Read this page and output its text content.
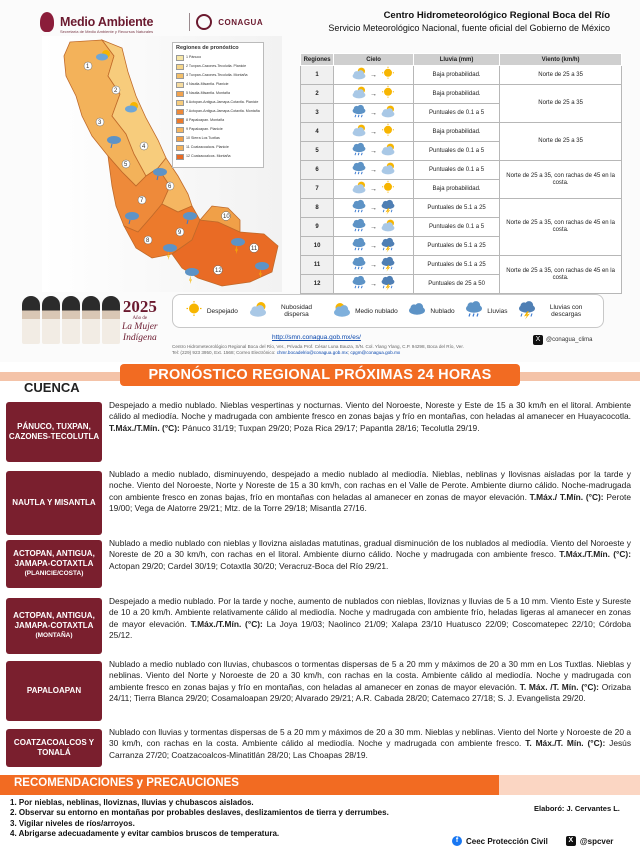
Medio Ambiente
Secretaría de Medio Ambiente y Recursos Naturales
CONAGUA
Centro Hidrometeorológico Regional Boca del Río
Servicio Meteorológico Nacional, fuente oficial del Gobierno de México
1
2
3
4
5
6
7
8
9
10
11
12
Regiones de pronóstico
1 Pánuco
2 Tuxpan-Cazones-Tecolutla. Planicie
3 Tuxpan-Cazones-Tecolutla. Montaña
4 Nautla-Misantla. Planicie
5 Nautla-Misantla. Montaña
6 Actopan-Antigua-Jamapa-Cotaxtla. Planicie
7 Actopan-Antigua-Jamapa-Cotaxtla. Montaña
8 Papaloapan. Montaña
9 Papaloapan. Planicie
10 Sierra Los Tuxtlas
11 Coatzacoalcos. Planicie
12 Coatzacoalcos. Montaña
Regiones	Cielo	Lluvia (mm)	Viento (km/h)
1	→	Baja probabilidad.	Norte de 25 a 35
2	→	Baja probabilidad.	Norte de 25 a 35
3	→	Puntuales de 0.1 a 5	
4	→	Baja probabilidad.	Norte de 25 a 35
5	→	Puntuales de 0.1 a 5	
6	→	Puntuales de 0.1 a 5	Norte de 25 a 35, con rachas de 45 en la costa.
7	→	Baja probabilidad.	
8	→	Puntuales de 5.1 a 25	Norte de 25 a 35, con rachas de 45 en la costa.
9	→	Puntuales de 0.1 a 5	
10	→	Puntuales de 5.1 a 25	
11	→	Puntuales de 5.1 a 25	Norte de 25 a 35, con rachas de 45 en la costa.
12	→	Puntuales de 25 a 50	
2025
Año de
La Mujer
Indígena
Despejado	Nubosidad dispersa	Medio nublado	Nublado	Lluvias	Lluvias con descargas
http://smn.conagua.gob.mx/es/	X @conagua_clima
Centro Hidrometeorológico Regional Boca del Río, Ver., Privada Prof. César Luna Bauza, S/N. Col. Ylang Ylang, C.P. 94298, Boca del Río, Ver.
Tel: (229) 923 3950, Ext. 1568; Correo Electrónico: chmr.bocadelrio@conagua.gob.mx; cpgm@conagua.gob.mx
PRONÓSTICO REGIONAL PRÓXIMAS 24 HORAS
CUENCA
PÁNUCO, TUXPAN, CAZONES-TECOLUTLA
Despejado a medio nublado. Nieblas vespertinas y nocturnas. Viento del Noroeste, Noreste y Este de 15 a 30 km/h en el litoral. Ambiente cálido al mediodía. Noche y madrugada con ambiente fresco en zonas bajas y frío en montañas, con heladas al amanecer en Huayacocotla. T.Máx./T.Mín. (°C): Pánuco 31/19; Tuxpan 29/20; Poza Rica 29/17; Papantla 28/16; Tecolutla 29/19.
NAUTLA Y MISANTLA
Nublado a medio nublado, disminuyendo, despejado a medio nublado al mediodía. Nieblas, neblinas y llovisnas aisladas por la tarde y noche. Viento del Noroeste, Norte y Noreste de 15 a 30 km/h, con rachas en el Valle de Perote. Ambiente diurno cálido. Noche-madrugada con ambiente fresco en zonas bajas, frío en montañas con heladas al amanecer en zonas de mayor elevación. T.Máx./ T.Mín. (°C): Perote 19/00; Vega de Alatorre 29/21; Mtz. de la Torre 29/18; Misantla 27/16.
ACTOPAN, ANTIGUA, JAMAPA-COTAXTLA
(PLANICIE/COSTA)
Nublado a medio nublado con nieblas y llovizna aisladas matutinas, gradual disminución de los nublados al mediodía. Viento del Noroeste y Noreste de 20 a 30 km/h, con rachas en el litoral. Ambiente diurno cálido. Noche y madrugada con ambiente fresco. T.Máx./T.Mín. (°C): Actopan 29/20; Cardel 30/19; Cotaxtla 30/20; Veracruz-Boca del Río 29/21.
ACTOPAN, ANTIGUA, JAMAPA-COTAXTLA
(MONTAÑA)
Despejado a medio nublado. Por la tarde y noche, aumento de nublados con nieblas, lloviznas y lluvias de 5 a 10 mm. Viento Este y Sureste de 10 a 20 km/h. Ambiente relativamente cálido al mediodía. Noche y madrugada con ambiente frío, heladas ligeras al amanecer en zonas de mayor elevación. T.Máx./T.Mín. (°C): La Joya 19/03; Naolinco 21/09; Xalapa 23/10 Huatusco 22/09; Coscomatepec 22/10; Córdoba 25/12.
PAPALOAPAN
Nublado a medio nublado con lluvias, chubascos o tormentas dispersas de 5 a 20 mm y máximos de 20 a 30 mm en Los Tuxtlas. Nieblas y neblinas. Viento del Norte y Noroeste de 20 a 30 km/h, con rachas en la costa. Ambiente cálido al mediodía. Noche y madrugada con ambiente fresco en zonas bajas y frío en montañas, con heladas al amanecer en zonas de mayor elevación. T. Máx. /T. Mín. (°C): Orizaba 24/11; Tierra Blanca 29/20; Cosamaloapan 29/20; Alvarado 29/21; A.R. Cabada 28/20; Catemaco 27/18; S. J. Evangelista 29/20.
COATZACOALCOS Y TONALÁ
Nublado con lluvias y tormentas dispersas de 5 a 20 mm y máximos de 20 a 30 mm. Nieblas y neblinas. Viento del Norte y Noroeste de 20 a 30 km/h, con rachas en la costa. Ambiente cálido al mediodía. Noche y madrugada con ambiente fresco. T. Máx./T. Mín. (°C): Jesús Carranza 27/20; Coatzacoalcos-Minatitlán 28/20; Las Choapas 28/19.
RECOMENDACIONES y PRECAUCIONES
1. Por nieblas, neblinas, lloviznas, lluvias y chubascos aislados.
2. Observar su entorno en montañas por probables deslaves, deslizamientos de tierra y derrumbes.
3. Vigilar niveles de ríos/arroyos.
4. Abrigarse adecuadamente y evitar cambios bruscos de temperatura.
Elaboró: J. Cervantes L.
f Ceec Protección Civil	X @spcver
